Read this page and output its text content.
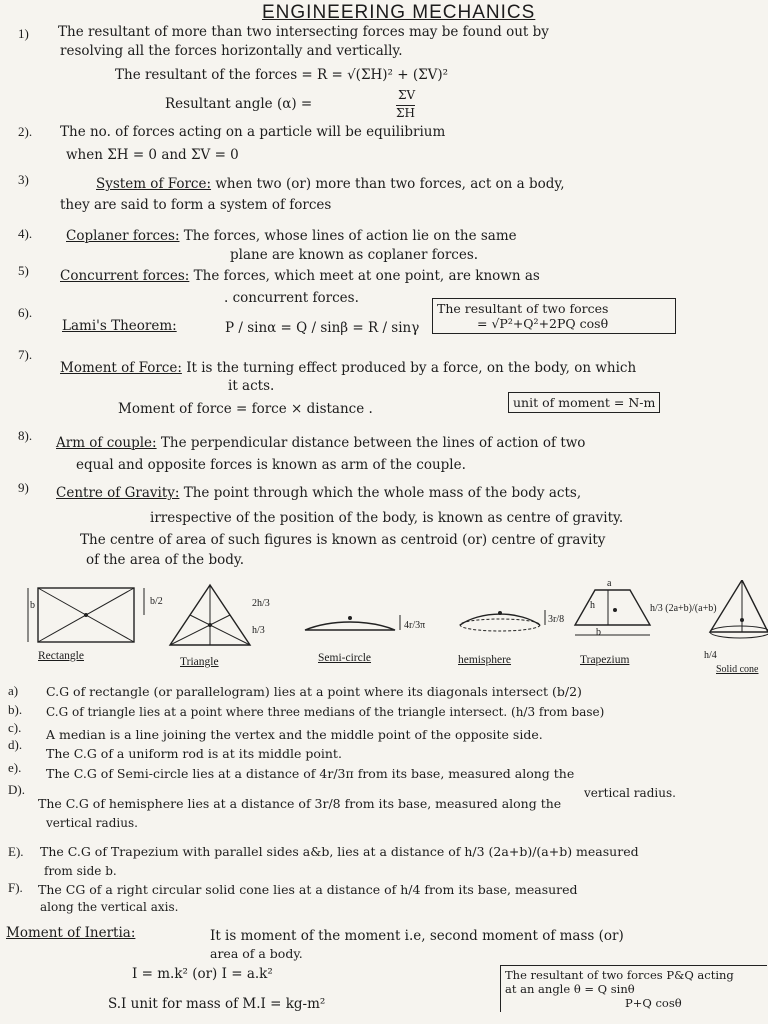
ENGINEERING MECHANICS
1) The resultant of more than two intersecting forces may be found out by
resolving all the forces horizontally and vertically.
The resultant of the forces = R = √(ΣH)² + (ΣV)²
Resultant angle (α) =
ΣV
ΣH
2). The no. of forces acting on a particle will be equilibrium
when ΣH = 0 and ΣV = 0
3)	System of Force: when two (or) more than two forces, act on a body,
they are said to form a system of forces
4).	Coplaner forces: The forces, whose lines of action lie on the same
plane are known as coplaner forces.
5) Concurrent forces: The forces, which meet at one point, are known as
. concurrent forces.
6).
Lami's Theorem:	P / sinα = Q / sinβ = R / sinγ
The resultant of two forces
= √P²+Q²+2PQ cosθ
7).
Moment of Force: It is the turning effect produced by a force, on the body, on which
it acts.
Moment of force = force × distance .	unit of moment = N-m
8). Arm of couple: The perpendicular distance between the lines of action of two
equal and opposite forces is known as arm of the couple.
9) Centre of Gravity: The point through which the whole mass of the body acts,
irrespective of the position of the body, is known as centre of gravity.
The centre of area of such figures is known as centroid (or) centre of gravity
of the area of the body.
b/2
b	2h/3
h/3	4r/3π
3r/8
h/3 (2a+b)/(a+b)
a
b
h
h/4
Rectangle	Triangle	Semi-circle	hemisphere	Trapezium
Solid cone
a) C.G of rectangle (or parallelogram) lies at a point where its diagonals intersect (b/2)
b). C.G of triangle lies at a point where three medians of the triangle intersect. (h/3 from base)
c). A median is a line joining the vertex and the middle point of the opposite side.
d).
The C.G of a uniform rod is at its middle point.
e). The C.G of Semi-circle lies at a distance of 4r/3π from its base, measured along the
vertical radius.
D).
The C.G of hemisphere lies at a distance of 3r/8 from its base, measured along the
vertical radius.
E). The C.G of Trapezium with parallel sides a&b, lies at a distance of h/3 (2a+b)/(a+b) measured
from side b.
F). The CG of a right circular solid cone lies at a distance of h/4 from its base, measured
along the vertical axis.
Moment of Inertia:	It is moment of the moment i.e, second moment of mass (or)
area of a body.
I = m.k² (or) I = a.k²
S.I unit for mass of M.I = kg-m²
The resultant of two forces P&Q acting
at an angle θ = Q sinθ
P+Q cosθ
